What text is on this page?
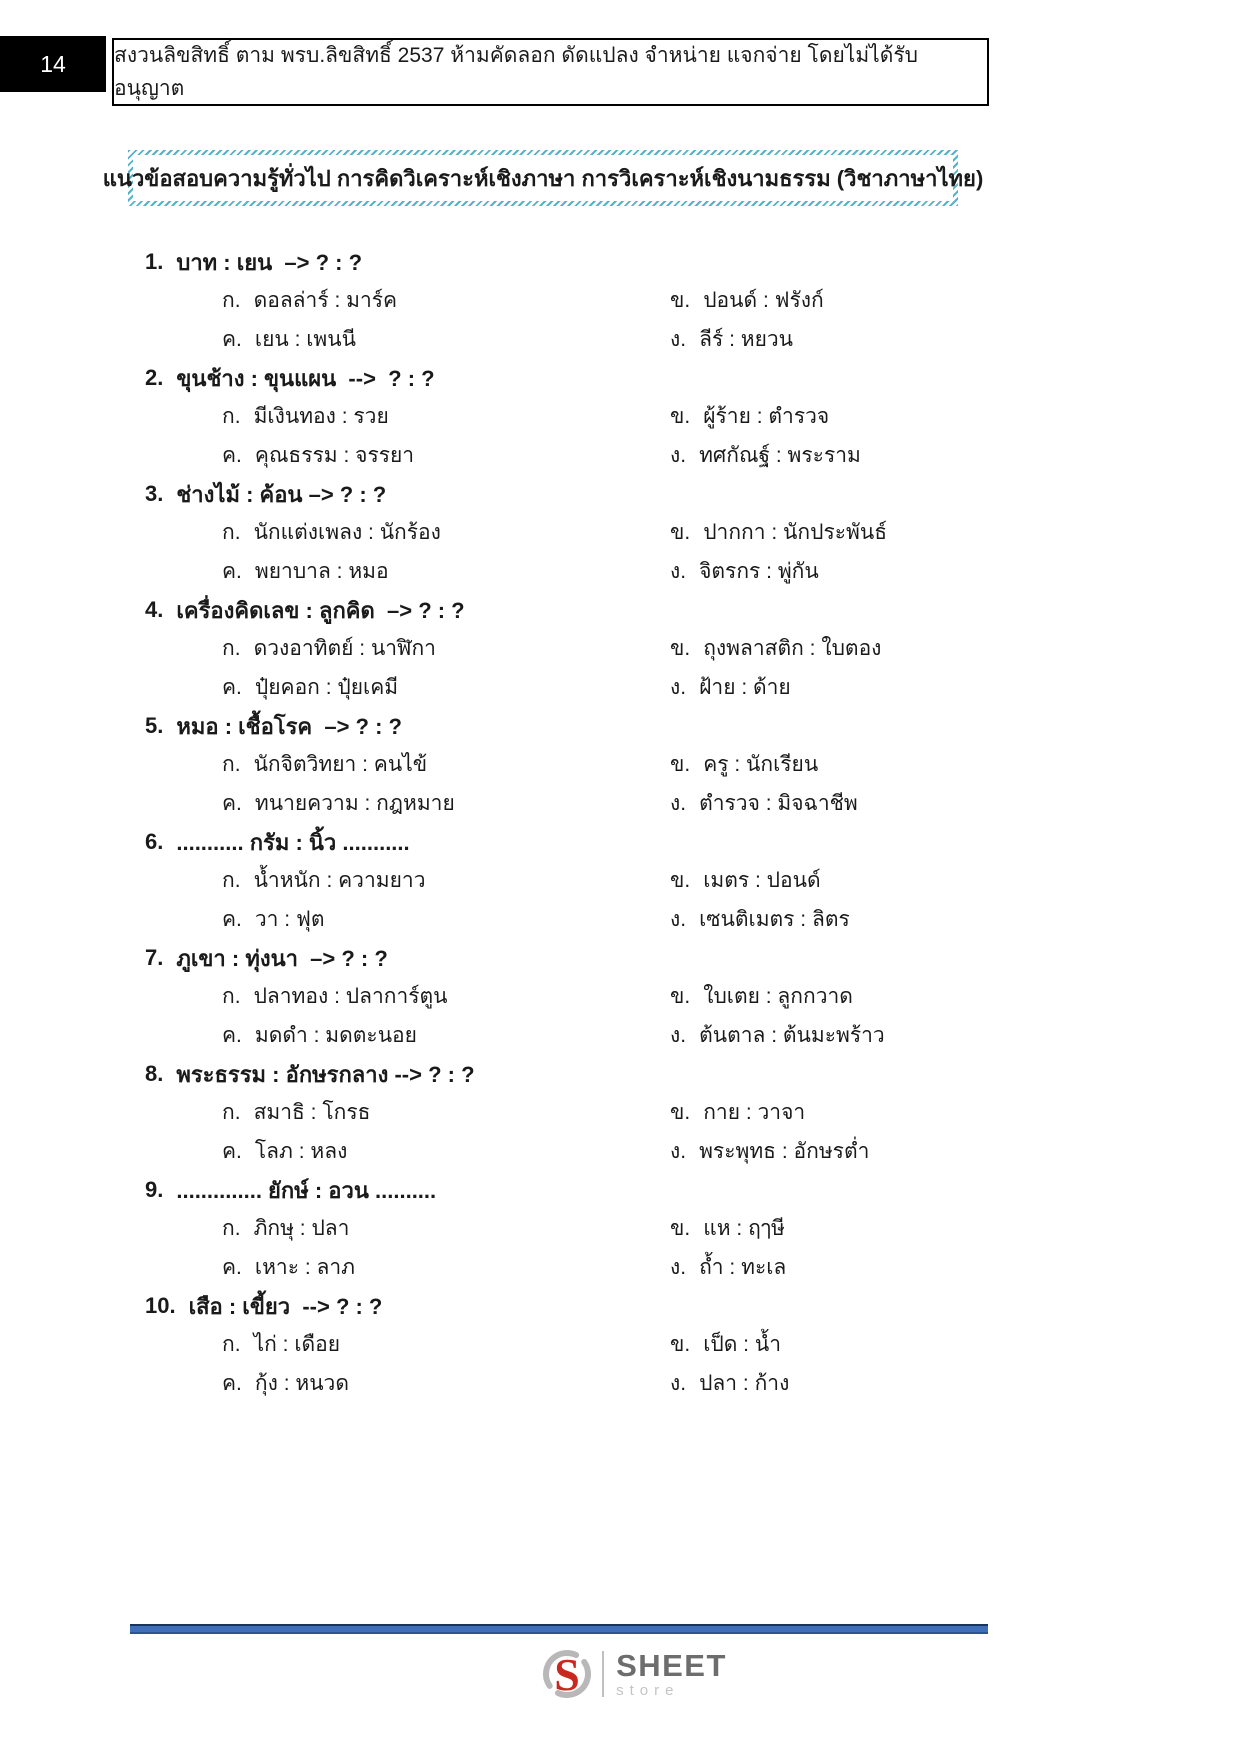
14 สงวนลิขสิทธิ์ ตาม พรบ.ลิขสิทธิ์ 2537 ห้ามคัดลอก ดัดแปลง จำหน่าย แจกจ่าย โดยไม่ได้รับอนุญาต
แนวข้อสอบความรู้ทั่วไป การคิดวิเคราะห์เชิงภาษา การวิเคราะห์เชิงนามธรรม (วิชาภาษาไทย)
1. บาท : เยน  –> ? : ?
ก. ดอลล่าร์ : มาร์ค	ข. ปอนด์ : ฟรังก์
ค. เยน : เพนนี	ง. ลีร์ : หยวน
2. ขุนช้าง : ขุนแผน  -->  ? : ?
ก. มีเงินทอง : รวย	ข. ผู้ร้าย : ตำรวจ
ค. คุณธรรม : จรรยา	ง. ทศกัณฐ์ : พระราม
3. ช่างไม้ : ค้อน –> ? : ?
ก. นักแต่งเพลง : นักร้อง	ข. ปากกา : นักประพันธ์
ค. พยาบาล : หมอ	ง. จิตรกร : พู่กัน
4. เครื่องคิดเลข : ลูกคิด  –> ? : ?
ก. ดวงอาทิตย์ : นาฬิกา	ข. ถุงพลาสติก : ใบตอง
ค. ปุ๋ยคอก : ปุ๋ยเคมี	ง. ฝ้าย : ด้าย
5. หมอ : เชื้อโรค  –> ? : ?
ก. นักจิตวิทยา : คนไข้	ข. ครู : นักเรียน
ค. ทนายความ : กฎหมาย	ง. ตำรวจ : มิจฉาชีพ
6. ........... กรัม : นิ้ว ...........
ก. น้ำหนัก : ความยาว	ข. เมตร : ปอนด์
ค. วา : ฟุต	ง. เซนติเมตร : ลิตร
7. ภูเขา : ทุ่งนา  –> ? : ?
ก. ปลาทอง : ปลาการ์ตูน	ข. ใบเตย : ลูกกวาด
ค. มดดำ : มดตะนอย	ง. ต้นตาล : ต้นมะพร้าว
8. พระธรรม : อักษรกลาง --> ? : ?
ก. สมาธิ : โกรธ	ข. กาย : วาจา
ค. โลภ : หลง	ง. พระพุทธ : อักษรต่ำ
9. .............. ยักษ์ : อวน ..........
ก. ภิกษุ : ปลา	ข. แห : ฤๅษี
ค. เหาะ : ลาภ	ง. ถ้ำ : ทะเล
10. เสือ : เขี้ยว  --> ? : ?
ก. ไก่ : เดือย	ข. เป็ด : น้ำ
ค. กุ้ง : หนวด	ง. ปลา : ก้าง
S SHEET
store
